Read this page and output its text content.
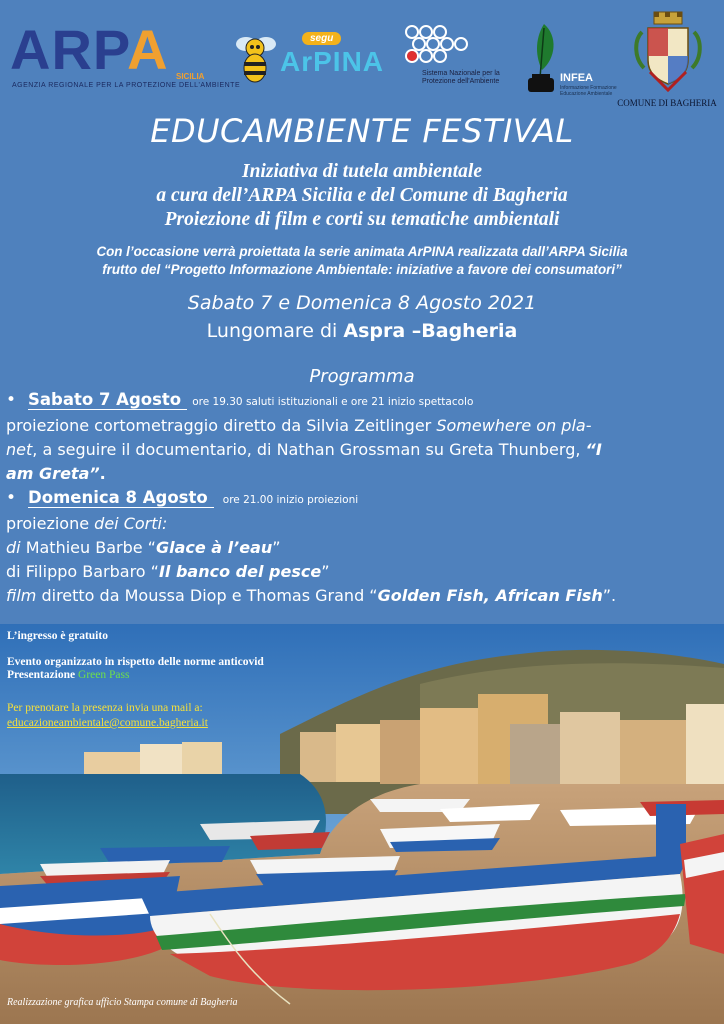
ARPA SICILIA
AGENZIA REGIONALE PER LA PROTEZIONE DELL'AMBIENTE
segu
ArPINA	Sistema Nazionale per la Protezione dell'Ambiente	INFEA
Informazione Formazione Educazione Ambientale
COMUNE DI BAGHERIA
EDUCAMBIENTE FESTIVAL
Iniziativa di tutela ambientale
a cura dell’ARPA Sicilia e del Comune di Bagheria
Proiezione di film e corti su tematiche ambientali
Con l’occasione verrà proiettata la serie animata ArPINA realizzata dall’ARPA Sicilia
frutto del “Progetto Informazione Ambientale: iniziative a favore dei consumatori”
Sabato 7 e Domenica 8 Agosto 2021
Lungomare di Aspra –Bagheria
Programma
• Sabato 7 Agosto ore 19.30 saluti istituzionali e ore 21 inizio spettacolo
proiezione cortometraggio diretto da Silvia Zeitlinger Somewhere on pla-
net, a seguire il documentario, di Nathan Grossman su Greta Thunberg, “I
am Greta”.
• Domenica 8 Agosto ore 21.00 inizio proiezioni
proiezione dei Corti:
di Mathieu Barbe “Glace à l’eau”
di Filippo Barbaro “Il banco del pesce”
film diretto da Moussa Diop e Thomas Grand “Golden Fish, African Fish”.
L’ingresso è gratuito
Evento organizzato in rispetto delle norme anticovid
Presentazione Green Pass
Per prenotare la presenza invia una mail a:
educazioneambientale@comune.bagheria.it
Realizzazione grafica ufficio Stampa comune di Bagheria
